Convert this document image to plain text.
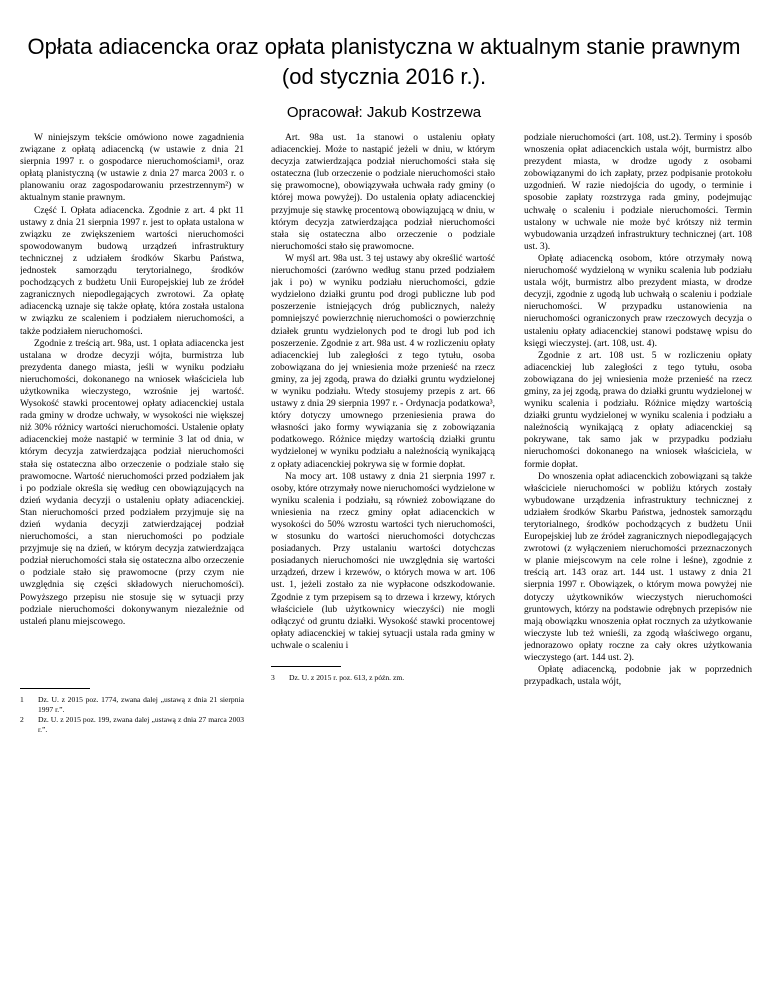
Opłata adiacencka oraz opłata planistyczna w aktualnym stanie prawnym (od stycznia 2016 r.).
Opracował: Jakub Kostrzewa

W niniejszym tekście omówiono nowe zagadnienia związane z opłatą adiacencką (w ustawie z dnia 21 sierpnia 1997 r. o gospodarce nieruchomościami¹, oraz opłatą planistyczną (w ustawie z dnia 27 marca 2003 r. o planowaniu oraz zagospodarowaniu przestrzennym²) w aktualnym stanie prawnym.

Część I. Opłata adiacencka. Zgodnie z art. 4 pkt 11 ustawy z dnia 21 sierpnia 1997 r. jest to opłata ustalona w związku ze zwiększeniem wartości nieruchomości spowodowanym budową urządzeń infrastruktury technicznej z udziałem środków Skarbu Państwa, jednostek samorządu terytorialnego, środków pochodzących z budżetu Unii Europejskiej lub ze źródeł zagranicznych niepodlegających zwrotowi. Za opłatę adiacencką uznaje się także opłatę, która została ustalona w związku ze scaleniem i podziałem nieruchomości, a także podziałem nieruchomości.

Zgodnie z treścią art. 98a, ust. 1 opłata adiacencka jest ustalana w drodze decyzji wójta, burmistrza lub prezydenta danego miasta, jeśli w wyniku podziału nieruchomości, dokonanego na wniosek właściciela lub użytkownika wieczystego, wzrośnie jej wartość. Wysokość stawki procentowej opłaty adiacenckiej ustala rada gminy w drodze uchwały, w wysokości nie większej niż 30% różnicy wartości nieruchomości. Ustalenie opłaty adiacenckiej może nastąpić w terminie 3 lat od dnia, w którym decyzja zatwierdzająca podział nieruchomości stała się ostateczna albo orzeczenie o podziale stało się prawomocne. Wartość nieruchomości przed podziałem jak i po podziale określa się według cen obowiązujących na dzień wydania decyzji o ustaleniu opłaty adiacenckiej. Stan nieruchomości przed podziałem przyjmuje się na dzień wydania decyzji zatwierdzającej podział nieruchomości, a stan nieruchomości po podziale przyjmuje się na dzień, w którym decyzja zatwierdzająca podział nieruchomości stała się ostateczna albo orzeczenie o podziale stało się prawomocne (przy czym nie uwzględnia się części składowych nieruchomości). Powyższego przepisu nie stosuje się w sytuacji przy podziale nieruchomości dokonywanym niezależnie od ustaleń planu miejscowego.

1 Dz. U. z 2015 poz. 1774, zwana dalej „ustawą z dnia 21 sierpnia 1997 r.”.

2 Dz. U. z 2015 poz. 199, zwana dalej „ustawą z dnia 27 marca 2003 r.”.

Art. 98a ust. 1a stanowi o ustaleniu opłaty adiacenckiej. Może to nastąpić jeżeli w dniu, w którym decyzja zatwierdzająca podział nieruchomości stała się ostateczna (lub orzeczenie o podziale nieruchomości stało się prawomocne), obowiązywała uchwała rady gminy (o której mowa powyżej). Do ustalenia opłaty adiacenckiej przyjmuje się stawkę procentową obowiązującą w dniu, w którym decyzja zatwierdzająca podział nieruchomości stała się ostateczna albo orzeczenie o podziale nieruchomości stało się prawomocne.

W myśl art. 98a ust. 3 tej ustawy aby określić wartość nieruchomości (zarówno według stanu przed podziałem jak i po) w wyniku podziału nieruchomości, gdzie wydzielono działki gruntu pod drogi publiczne lub pod poszerzenie istniejących dróg publicznych, należy pomniejszyć powierzchnię nieruchomości o powierzchnię działek gruntu wydzielonych pod te drogi lub pod ich poszerzenie. Zgodnie z art. 98a ust. 4 w rozliczeniu opłaty adiacenckiej lub zaległości z tego tytułu, osoba zobowiązana do jej wniesienia może przenieść na rzecz gminy, za jej zgodą, prawa do działki gruntu wydzielonej w wyniku podziału. Wtedy stosujemy przepis z art. 66 ustawy z dnia 29 sierpnia 1997 r. - Ordynacja podatkowa³, który dotyczy umownego przeniesienia prawa do własności jako formy wywiązania się z zobowiązania podatkowego. Różnice między wartością działki gruntu wydzielonej w wyniku podziału a należnością wynikającą z opłaty adiacenckiej pokrywa się w formie dopłat.

Na mocy art. 108 ustawy z dnia 21 sierpnia 1997 r. osoby, które otrzymały nowe nieruchomości wydzielone w wyniku scalenia i podziału, są również zobowiązane do wniesienia na rzecz gminy opłat adiacenckich w wysokości do 50% wzrostu wartości tych nieruchomości, w stosunku do wartości nieruchomości dotychczas posiadanych. Przy ustalaniu wartości dotychczas posiadanych nieruchomości nie uwzględnia się wartości urządzeń, drzew i krzewów, o których mowa w art. 106 ust. 1, jeżeli zostało za nie wypłacone odszkodowanie. Zgodnie z tym przepisem są to drzewa i krzewy, których właściciele (lub użytkownicy wieczyści) nie mogli odłączyć od gruntu działki. Wysokość stawki procentowej opłaty adiacenckiej w takiej sytuacji ustala rada gminy w uchwale o scaleniu i

3 Dz. U. z 2015 r. poz. 613, z późn. zm.

podziale nieruchomości (art. 108, ust.2). Terminy i sposób wnoszenia opłat adiacenckich ustala wójt, burmistrz albo prezydent miasta, w drodze ugody z osobami zobowiązanymi do ich zapłaty, przez podpisanie protokołu uzgodnień. W razie niedojścia do ugody, o terminie i sposobie zapłaty rozstrzyga rada gminy, podejmując uchwałę o scaleniu i podziale nieruchomości. Termin ustalony w uchwale nie może być krótszy niż termin wybudowania urządzeń infrastruktury technicznej (art. 108 ust. 3).

Opłatę adiacencką osobom, które otrzymały nową nieruchomość wydzieloną w wyniku scalenia lub podziału ustala wójt, burmistrz albo prezydent miasta, w drodze decyzji, zgodnie z ugodą lub uchwałą o scaleniu i podziale nieruchomości. W przypadku ustanowienia na nieruchomości ograniczonych praw rzeczowych decyzja o ustaleniu opłaty adiacenckiej stanowi podstawę wpisu do księgi wieczystej. (art. 108, ust. 4).

Zgodnie z art. 108 ust. 5 w rozliczeniu opłaty adiacenckiej lub zaległości z tego tytułu, osoba zobowiązana do jej wniesienia może przenieść na rzecz gminy, za jej zgodą, prawa do działki gruntu wydzielonej w wyniku scalenia i podziału. Różnice między wartością działki gruntu wydzielonej w wyniku scalenia i podziału a należnością wynikającą z opłaty adiacenckiej są pokrywane, tak samo jak w przypadku podziału nieruchomości dokonanego na wniosek właściciela, w formie dopłat.

Do wnoszenia opłat adiacenckich zobowiązani są także właściciele nieruchomości w pobliżu których zostały wybudowane urządzenia infrastruktury technicznej z udziałem środków Skarbu Państwa, jednostek samorządu terytorialnego, środków pochodzących z budżetu Unii Europejskiej lub ze źródeł zagranicznych niepodlegających zwrotowi (z wyłączeniem nieruchomości przeznaczonych w planie miejscowym na cele rolne i leśne), zgodnie z treścią art. 143 oraz art. 144 ust. 1 ustawy z dnia 21 sierpnia 1997 r. Obowiązek, o którym mowa powyżej nie dotyczy użytkowników wieczystych nieruchomości gruntowych, którzy na podstawie odrębnych przepisów nie mają obowiązku wnoszenia opłat rocznych za użytkowanie wieczyste lub też wnieśli, za zgodą właściwego organu, jednorazowo opłaty roczne za cały okres użytkowania wieczystego (art. 144 ust. 2).

Opłatę adiacencką, podobnie jak w poprzednich przypadkach, ustala wójt,
